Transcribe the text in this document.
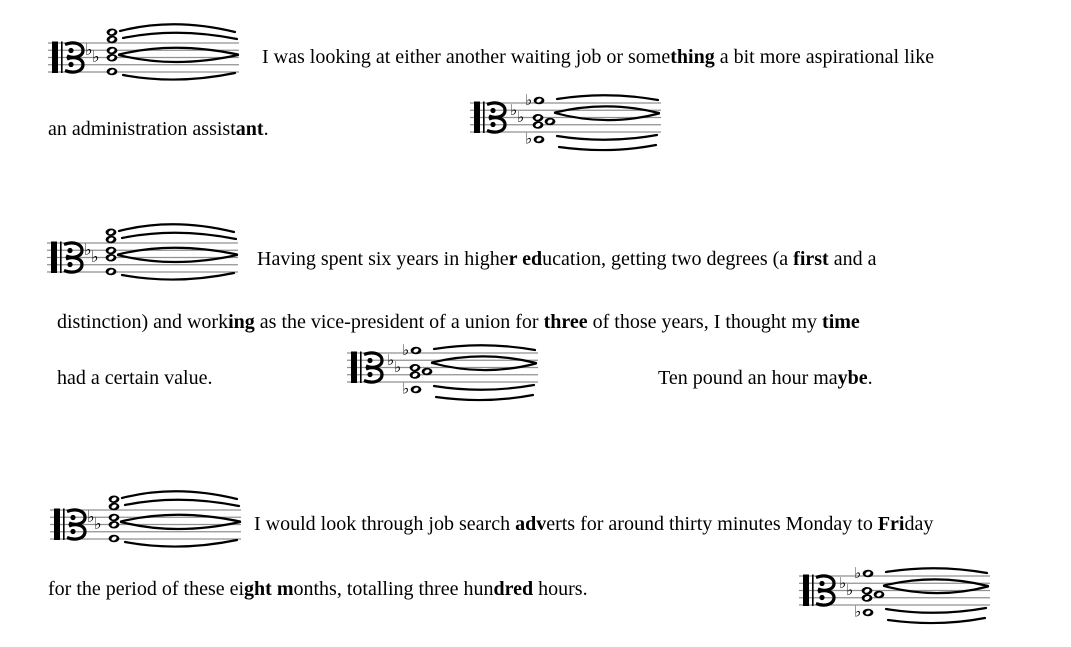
I was looking at either another waiting job or something a bit more aspirational like
an administration assistant.
Having spent six years in higher education, getting two degrees (a first and a
distinction) and working as the vice-president of a union for three of those years, I thought my time
had a certain value.	Ten pound an hour maybe.
I would look through job search adverts for around thirty minutes Monday to Friday
for the period of these eight months, totalling three hundred hours.
